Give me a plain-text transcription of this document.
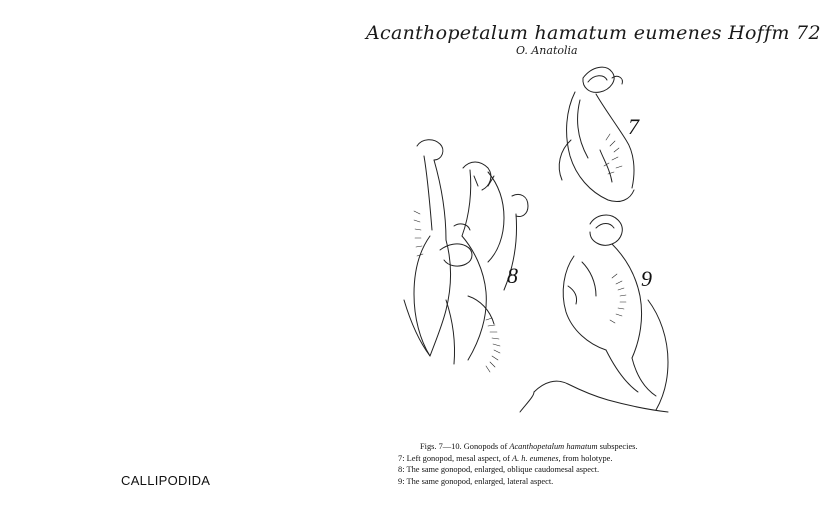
Acanthopetalum hamatum eumenes Hoffm 72
O. Anatolia
7
8	9
Figs. 7—10. Gonopods of Acanthopetalum hamatum subspecies.
7: Left gonopod, mesal aspect, of A. h. eumenes, from holotype.
8: The same gonopod, enlarged, oblique caudomesal aspect.
9: The same gonopod, enlarged, lateral aspect.
CALLIPODIDA
